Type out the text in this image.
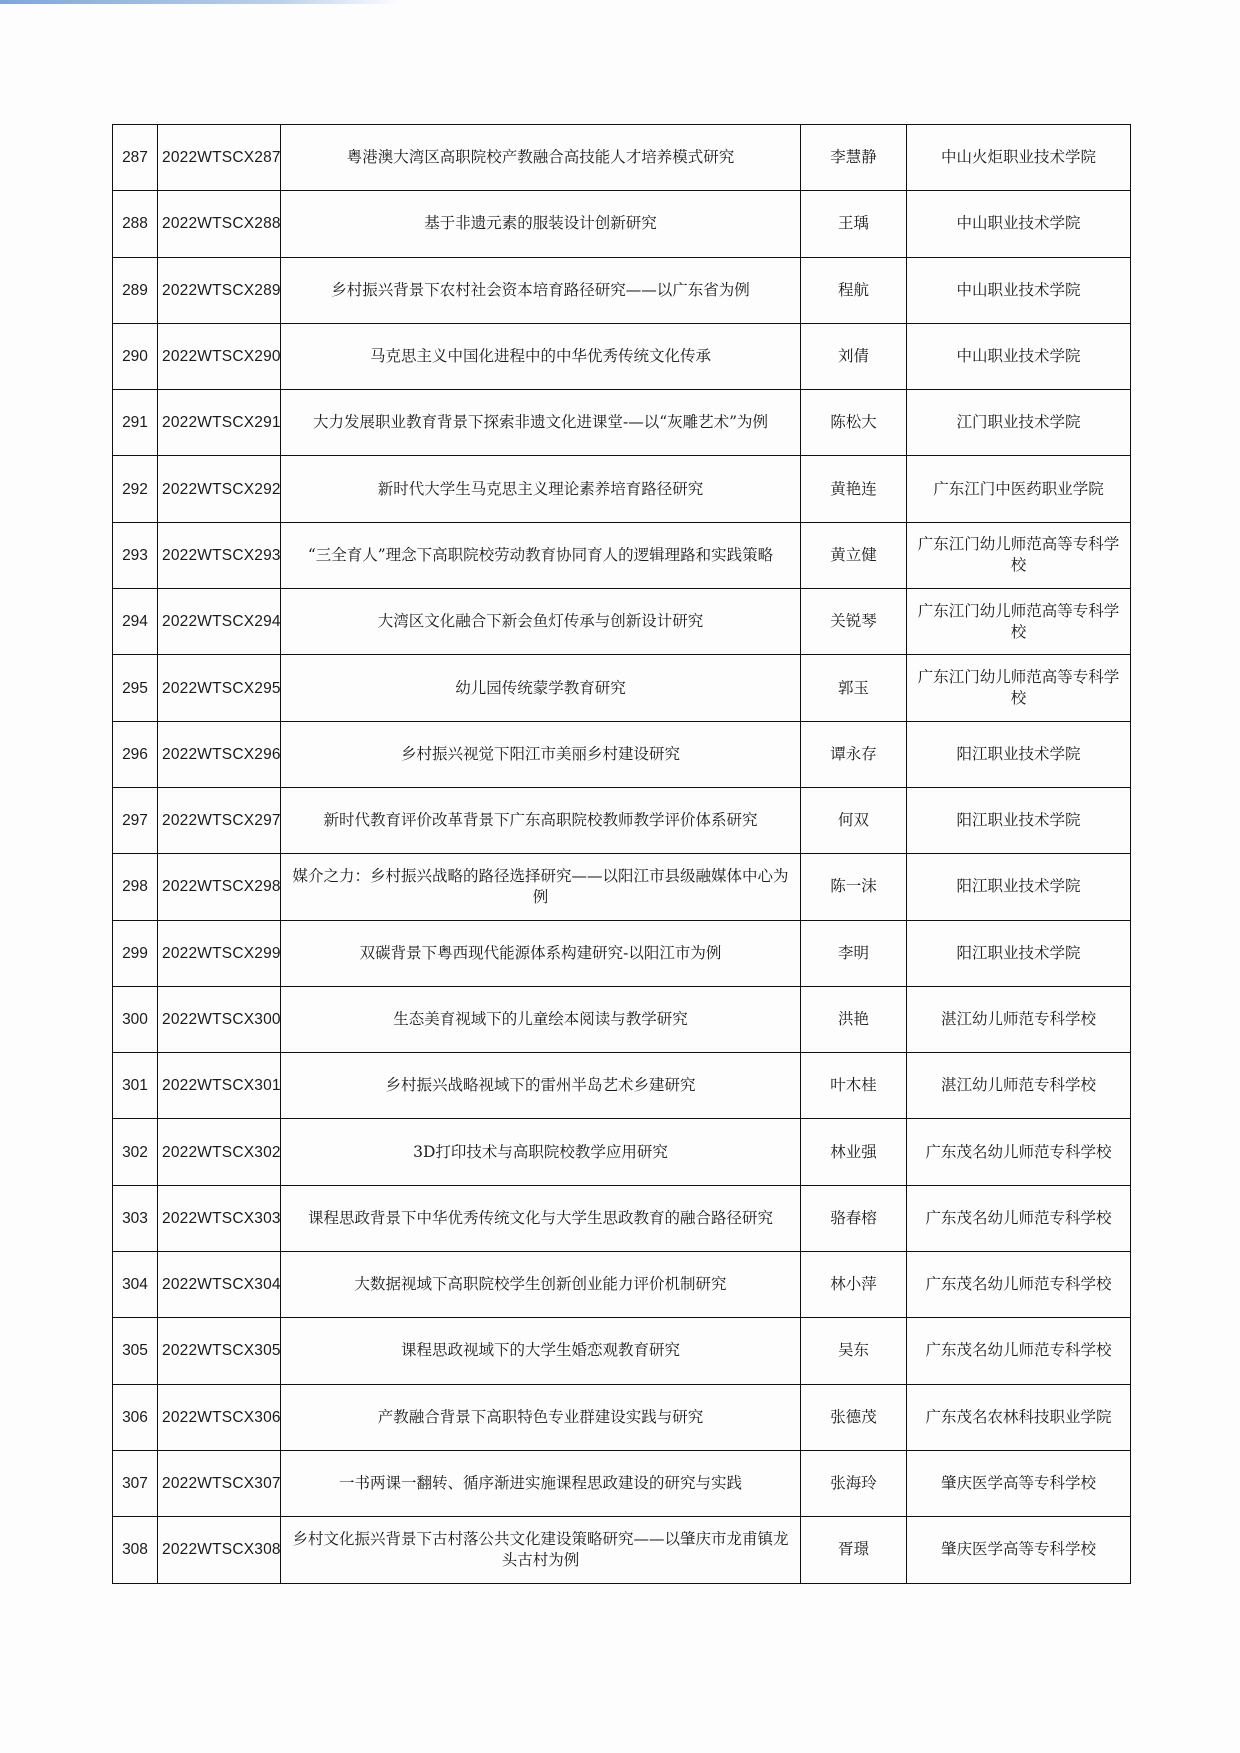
287	2022WTSCX287	粤港澳大湾区高职院校产教融合高技能人才培养模式研究	李慧静	中山火炬职业技术学院
288	2022WTSCX288	基于非遗元素的服装设计创新研究	王瑀	中山职业技术学院
289	2022WTSCX289	乡村振兴背景下农村社会资本培育路径研究——以广东省为例	程航	中山职业技术学院
290	2022WTSCX290	马克思主义中国化进程中的中华优秀传统文化传承	刘倩	中山职业技术学院
291	2022WTSCX291	大力发展职业教育背景下探索非遗文化进课堂-—以“灰雕艺术”为例	陈松大	江门职业技术学院
292	2022WTSCX292	新时代大学生马克思主义理论素养培育路径研究	黄艳连	广东江门中医药职业学院
293	2022WTSCX293	“三全育人”理念下高职院校劳动教育协同育人的逻辑理路和实践策略	黄立健	广东江门幼儿师范高等专科学校
294	2022WTSCX294	大湾区文化融合下新会鱼灯传承与创新设计研究	关锐琴	广东江门幼儿师范高等专科学校
295	2022WTSCX295	幼儿园传统蒙学教育研究	郭玉	广东江门幼儿师范高等专科学校
296	2022WTSCX296	乡村振兴视觉下阳江市美丽乡村建设研究	谭永存	阳江职业技术学院
297	2022WTSCX297	新时代教育评价改革背景下广东高职院校教师教学评价体系研究	何双	阳江职业技术学院
298	2022WTSCX298	媒介之力：乡村振兴战略的路径选择研究——以阳江市县级融媒体中心为例	陈一沫	阳江职业技术学院
299	2022WTSCX299	双碳背景下粤西现代能源体系构建研究-以阳江市为例	李明	阳江职业技术学院
300	2022WTSCX300	生态美育视域下的儿童绘本阅读与教学研究	洪艳	湛江幼儿师范专科学校
301	2022WTSCX301	乡村振兴战略视域下的雷州半岛艺术乡建研究	叶木桂	湛江幼儿师范专科学校
302	2022WTSCX302	3D打印技术与高职院校教学应用研究	林业强	广东茂名幼儿师范专科学校
303	2022WTSCX303	课程思政背景下中华优秀传统文化与大学生思政教育的融合路径研究	骆春榕	广东茂名幼儿师范专科学校
304	2022WTSCX304	大数据视域下高职院校学生创新创业能力评价机制研究	林小萍	广东茂名幼儿师范专科学校
305	2022WTSCX305	课程思政视域下的大学生婚恋观教育研究	吴东	广东茂名幼儿师范专科学校
306	2022WTSCX306	产教融合背景下高职特色专业群建设实践与研究	张德茂	广东茂名农林科技职业学院
307	2022WTSCX307	一书两课一翻转、循序渐进实施课程思政建设的研究与实践	张海玲	肇庆医学高等专科学校
308	2022WTSCX308	乡村文化振兴背景下古村落公共文化建设策略研究——以肇庆市龙甫镇龙头古村为例	胥璟	肇庆医学高等专科学校
